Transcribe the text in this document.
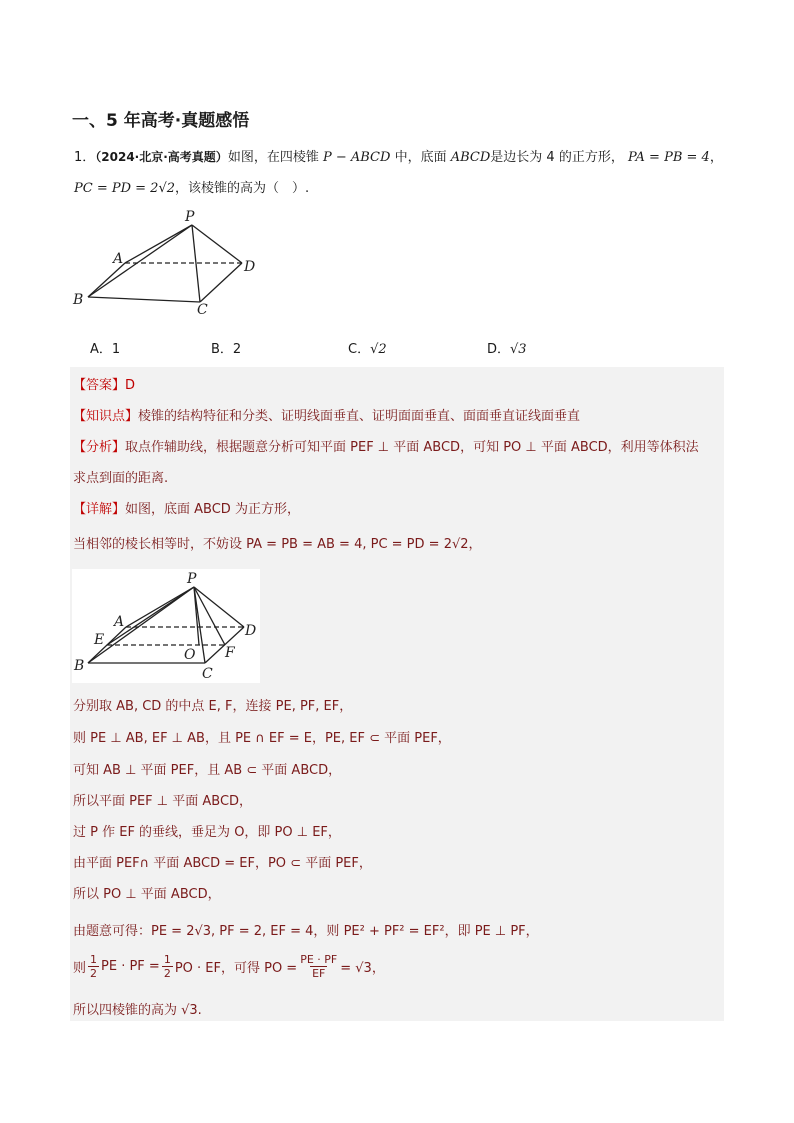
一、5 年高考·真题感悟
1．（2024·北京·高考真题）如图，在四棱锥 P − ABCD 中，底面 ABCD是边长为 4 的正方形， PA = PB = 4，
PC = PD = 2√2，该棱锥的高为（　）.
P
A	D
B
C
A．1	B．2	C．√2	D．√3
【答案】D
【知识点】棱锥的结构特征和分类、证明线面垂直、证明面面垂直、面面垂直证线面垂直
【分析】取点作辅助线，根据题意分析可知平面 PEF ⊥ 平面 ABCD，可知 PO ⊥ 平面 ABCD，利用等体积法
求点到面的距离.
【详解】如图，底面 ABCD 为正方形，
当相邻的棱长相等时，不妨设 PA = PB = AB = 4, PC = PD = 2√2，
P
A
E
D
O F
B	C
分别取 AB, CD 的中点 E, F，连接 PE, PF, EF，
则 PE ⊥ AB, EF ⊥ AB，且 PE ∩ EF = E，PE, EF ⊂ 平面 PEF，
可知 AB ⊥ 平面 PEF，且 AB ⊂ 平面 ABCD，
所以平面 PEF ⊥ 平面 ABCD，
过 P 作 EF 的垂线，垂足为 O，即 PO ⊥ EF，
由平面 PEF∩ 平面 ABCD = EF，PO ⊂ 平面 PEF，
所以 PO ⊥ 平面 ABCD，
由题意可得：PE = 2√3, PF = 2, EF = 4，则 PE² + PF² = EF²，即 PE ⊥ PF，
则 $\frac{1}{2}$ PE · PF = $\frac{1}{2}$ PO · EF，可得 PO = $\frac{PE \cdot PF}{EF} = √3$，
所以四棱锥的高为 √3.
